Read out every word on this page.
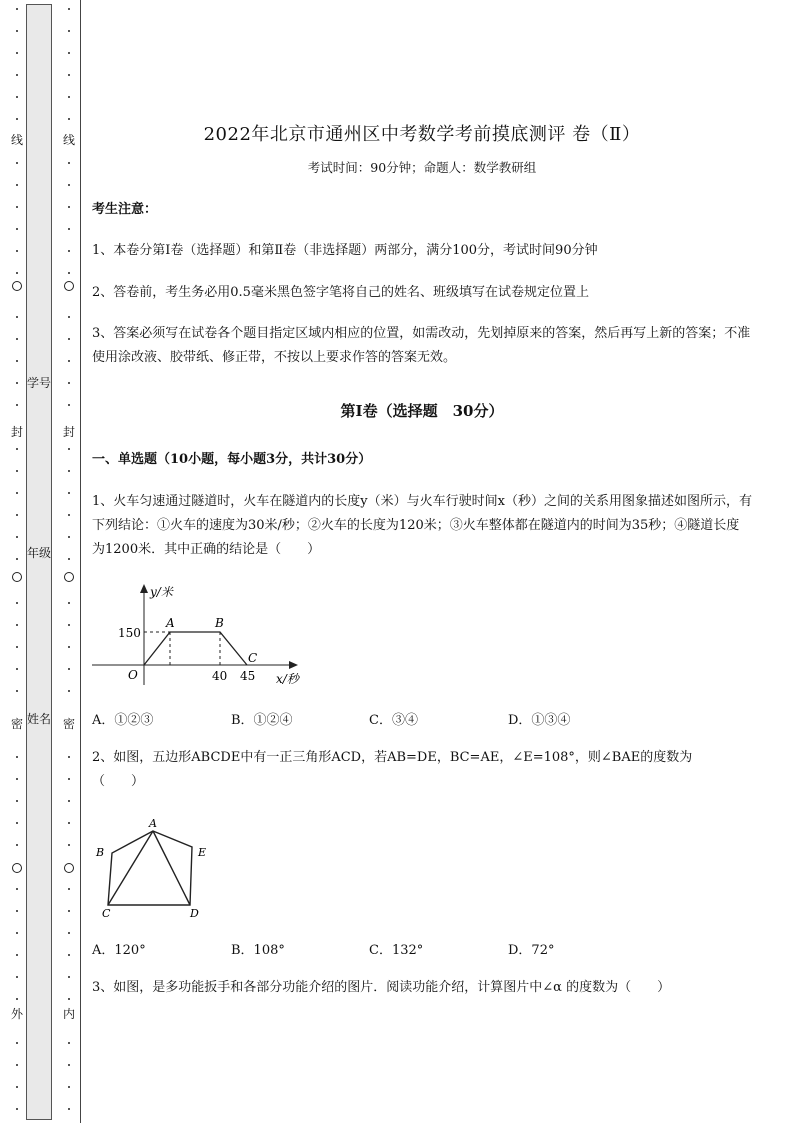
线
封
密
外
线
封
密
内
学号
年级
姓名
2022年北京市通州区中考数学考前摸底测评 卷（Ⅱ）
考试时间：90分钟；命题人：数学教研组
考生注意：
1、本卷分第Ⅰ卷（选择题）和第Ⅱ卷（非选择题）两部分，满分100分，考试时间90分钟
2、答卷前，考生务必用0.5毫米黑色签字笔将自己的姓名、班级填写在试卷规定位置上
3、答案必须写在试卷各个题目指定区域内相应的位置，如需改动，先划掉原来的答案，然后再写上新的答案；不准使用涂改液、胶带纸、修正带，不按以上要求作答的答案无效。
第Ⅰ卷（选择题　30分）
一、单选题（10小题，每小题3分，共计30分）
1、火车匀速通过隧道时，火车在隧道内的长度y（米）与火车行驶时间x（秒）之间的关系用图象描述如图所示，有下列结论：①火车的速度为30米/秒；②火车的长度为120米；③火车整体都在隧道内的时间为35秒；④隧道长度为1200米．其中正确的结论是（　　）
y/米
150
O	40 45 x/秒
A	B
C
A．①②③	B．①②④	C．③④	D．①③④
2、如图，五边形ABCDE中有一正三角形ACD，若AB=DE，BC=AE，∠E=108°，则∠BAE的度数为（　　）
A
B
C	D
E
A．120°	B．108°	C．132°	D．72°
3、如图，是多功能扳手和各部分功能介绍的图片．阅读功能介绍，计算图片中∠α 的度数为（　　）
